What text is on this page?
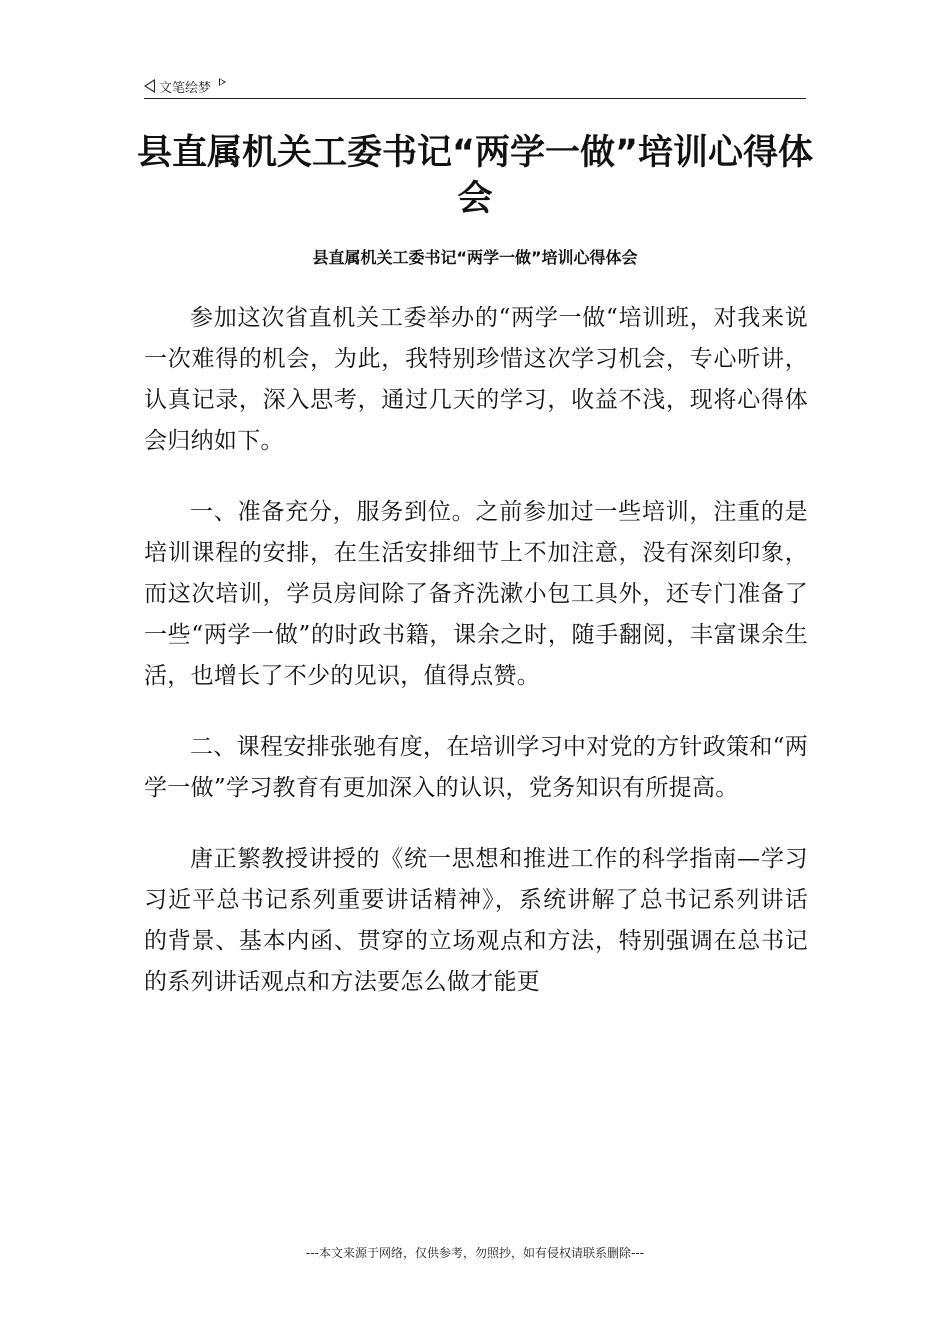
文笔绘梦
县直属机关工委书记“两学一做”培训心得体会
县直属机关工委书记“两学一做”培训心得体会

参加这次省直机关工委举办的“两学一做“培训班，对我来说一次难得的机会，为此，我特别珍惜这次学习机会，专心听讲，认真记录，深入思考，通过几天的学习，收益不浅，现将心得体会归纳如下。

一、准备充分，服务到位。之前参加过一些培训，注重的是培训课程的安排，在生活安排细节上不加注意，没有深刻印象，而这次培训，学员房间除了备齐洗漱小包工具外，还专门准备了一些“两学一做”的时政书籍，课余之时，随手翻阅，丰富课余生活，也增长了不少的见识，值得点赞。

二、课程安排张驰有度，在培训学习中对党的方针政策和“两学一做”学习教育有更加深入的认识，党务知识有所提高。

唐正繁教授讲授的《统一思想和推进工作的科学指南—学习习近平总书记系列重要讲话精神》，系统讲解了总书记系列讲话的背景、基本内函、贯穿的立场观点和方法，特别强调在总书记的系列讲话观点和方法要怎么做才能更

---本文来源于网络，仅供参考，勿照抄，如有侵权请联系删除---
